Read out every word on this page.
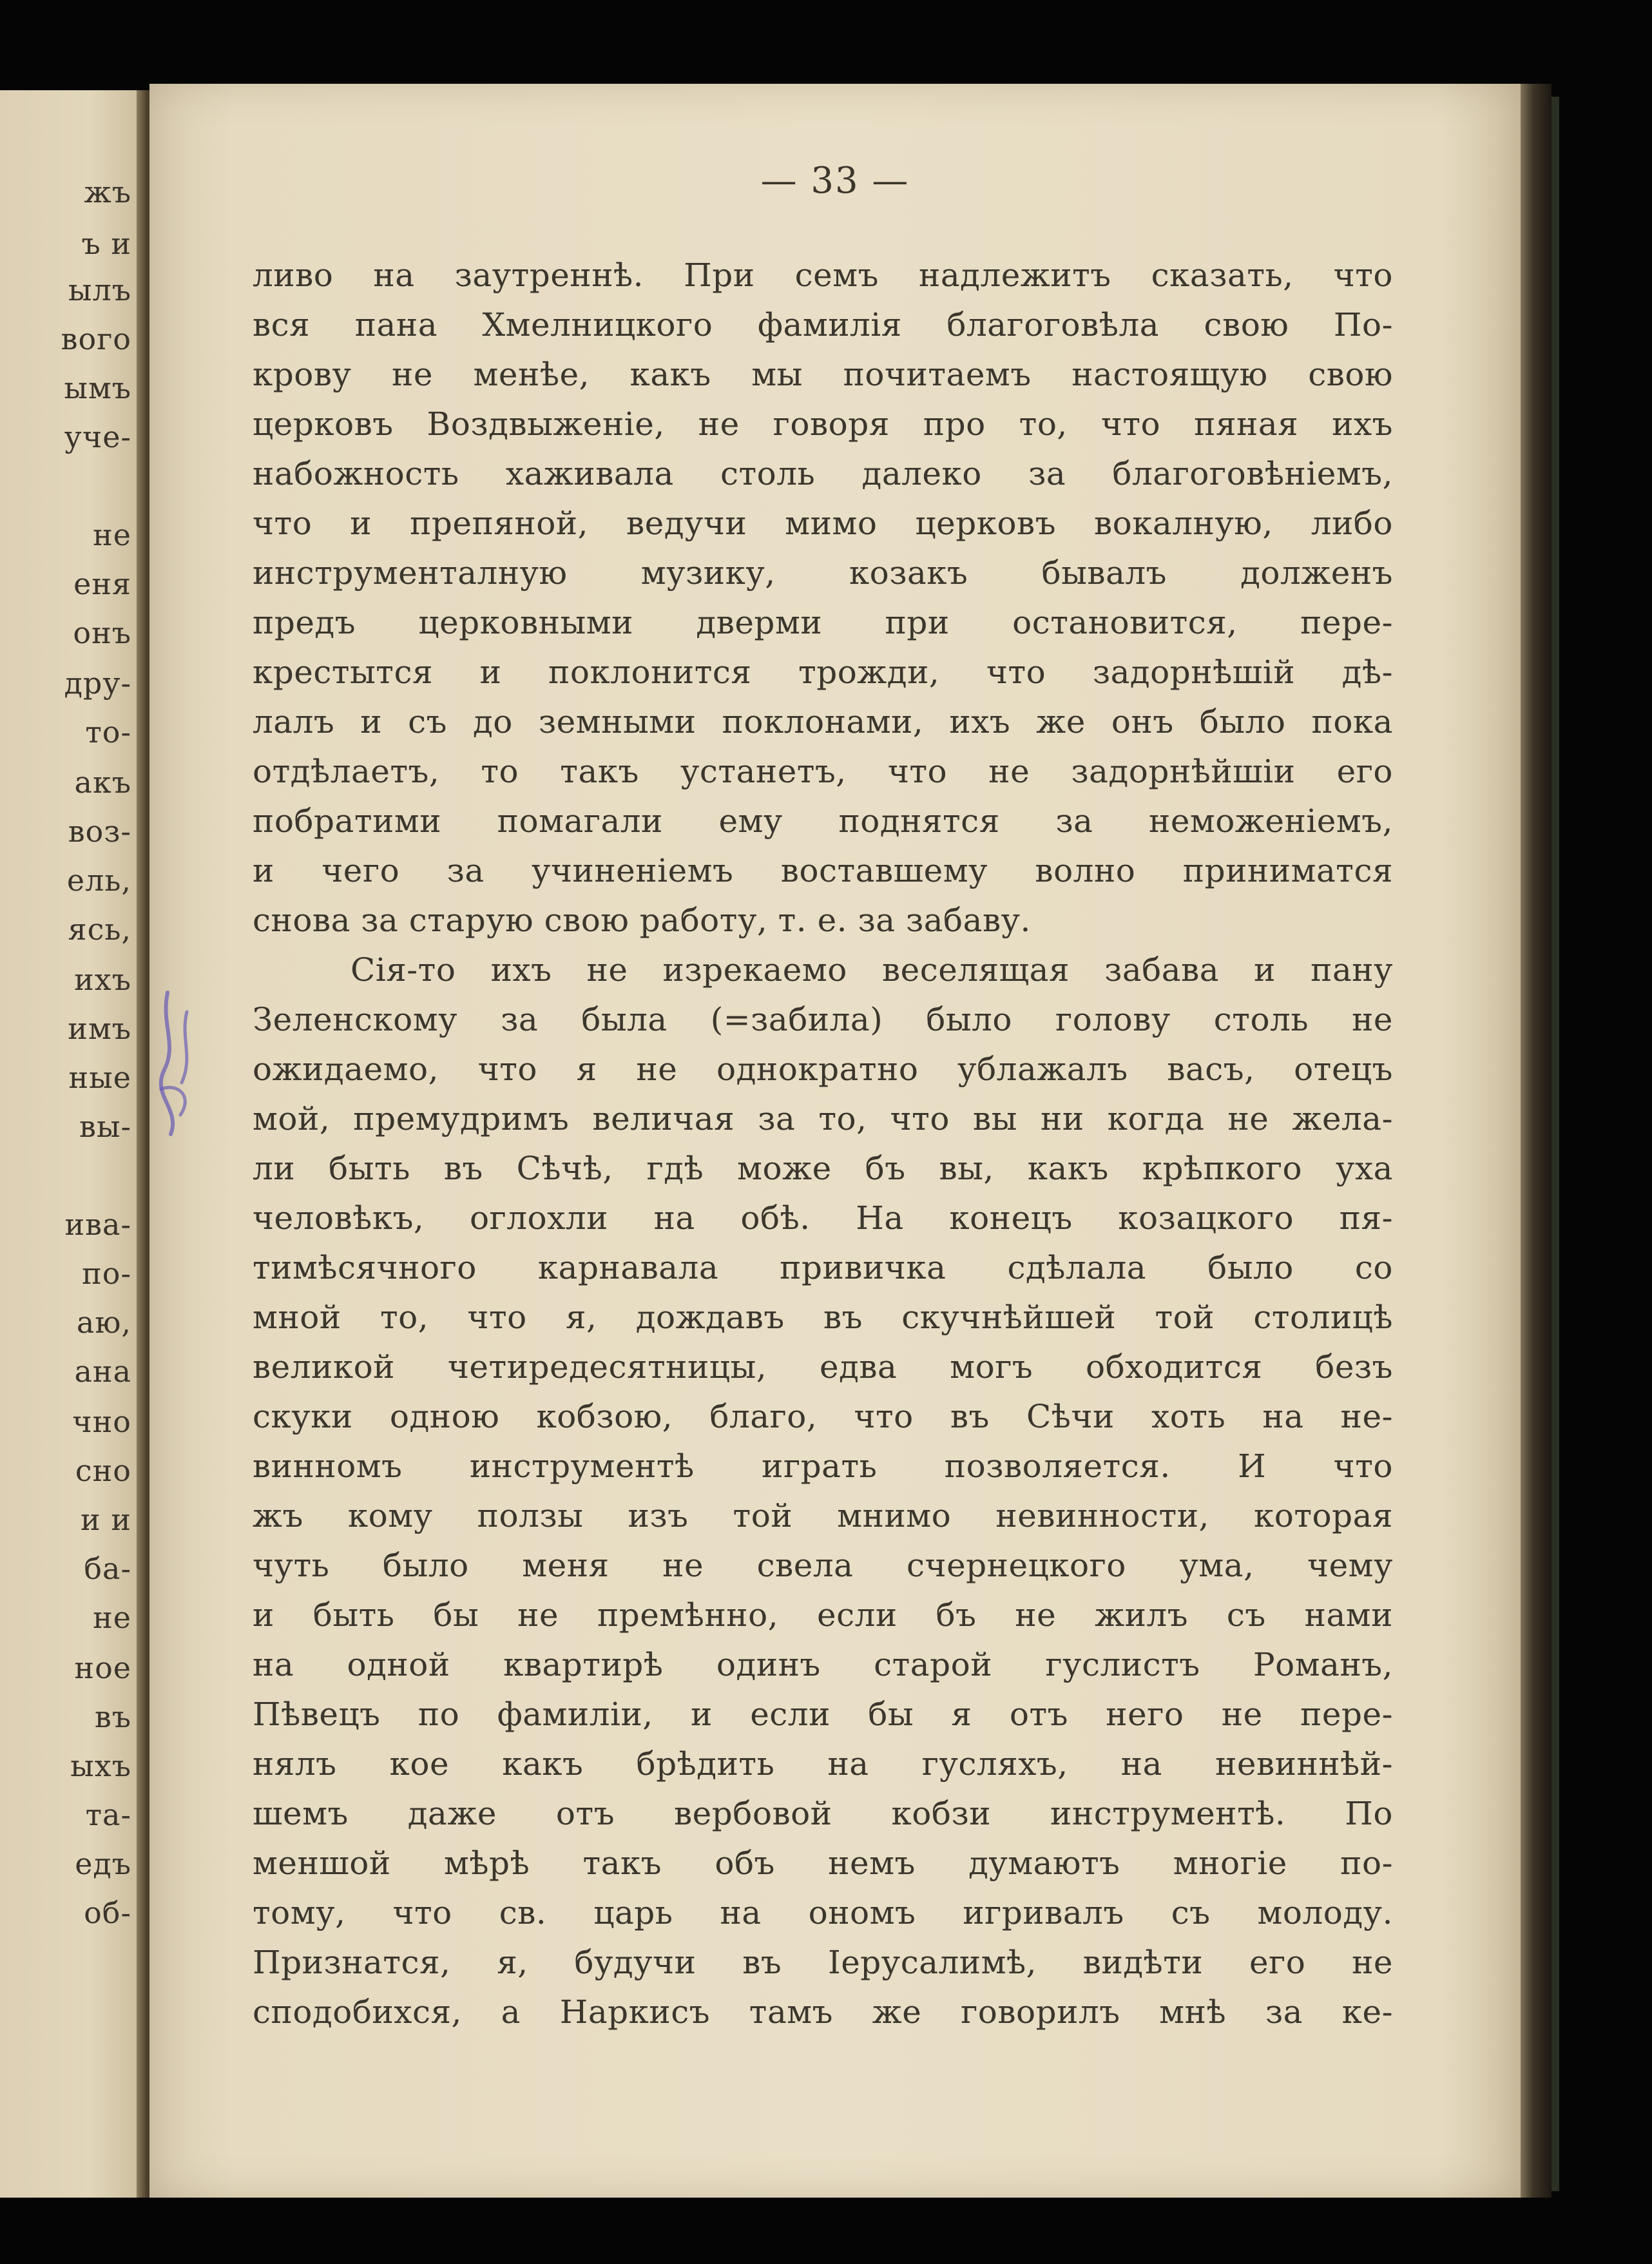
жъ
ъ и
ылъ
вого
ымъ
уче-
не
еня
онъ
дру-
то-
акъ
воз-
ель,
ясь,
ихъ
имъ
ные
вы-
ива-
по-
аю,
ана
чно
сно
и и
ба-
не
ное
въ
ыхъ
та-
едъ
об-
— 33 —
ливо на заутреннѣ. При семъ надлежитъ сказать, что
вся пана Хмелницкого фамилія благоговѣла свою По-
крову не менѣе, какъ мы почитаемъ настоящую свою
церковъ Воздвыженіе, не говоря про то, что пяная ихъ
набожность хаживала столь далеко за благоговѣніемъ,
что и препяной, ведучи мимо церковъ вокалную, либо
инструменталную музику, козакъ бывалъ долженъ
предъ церковными дверми при остановится, пере-
крестытся и поклонится трожди, что задорнѣшій дѣ-
лалъ и съ до земными поклонами, ихъ же онъ было пока
отдѣлаетъ, то такъ устанетъ, что не задорнѣйшіи его
побратими помагали ему поднятся за неможеніемъ,
и чего за учиненіемъ воставшему волно приниматся
снова за старую свою работу, т. е. за забаву.
Сія-то ихъ не изрекаемо веселящая забава и пану
Зеленскому за была (=забила) было голову столь не
ожидаемо, что я не однократно ублажалъ васъ, отецъ
мой, премудримъ величая за то, что вы ни когда не жела-
ли быть въ Сѣчѣ, гдѣ може бъ вы, какъ крѣпкого уха
человѣкъ, оглохли на обѣ. На конецъ козацкого пя-
тимѣсячного карнавала привичка сдѣлала было со
мной то, что я, дождавъ въ скучнѣйшей той столицѣ
великой четиредесятницы, едва могъ обходится безъ
скуки одною кобзою, благо, что въ Сѣчи хоть на не-
винномъ инструментѣ играть позволяется. И что
жъ кому ползы изъ той мнимо невинности, которая
чуть было меня не свела счернецкого ума, чему
и быть бы не премѣнно, если бъ не жилъ съ нами
на одной квартирѣ одинъ старой гуслистъ Романъ,
Пѣвецъ по фамиліи, и если бы я отъ него не пере-
нялъ кое какъ брѣдить на гусляхъ, на невиннѣй-
шемъ даже отъ вербовой кобзи инструментѣ. По
меншой мѣрѣ такъ объ немъ думаютъ многіе по-
тому, что св. царь на ономъ игривалъ съ молоду.
Признатся, я, будучи въ Іерусалимѣ, видѣти его не
сподобихся, а Наркисъ тамъ же говорилъ мнѣ за ке-
